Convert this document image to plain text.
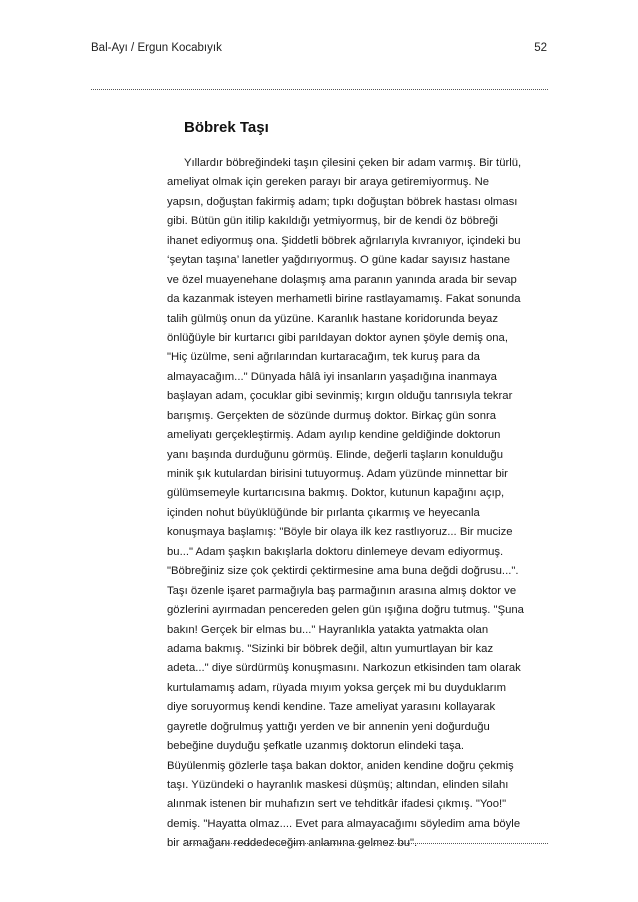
Bal-Ayı / Ergun Kocabıyık	52
Böbrek Taşı
Yıllardır böbreğindeki taşın çilesini çeken bir adam varmış. Bir türlü,
ameliyat olmak için gereken parayı bir araya getiremiyormuş. Ne
yapsın, doğuştan fakirmiş adam; tıpkı doğuştan böbrek hastası olması
gibi. Bütün gün itilip kakıldığı yetmiyormuş, bir de kendi öz böbreği
ihanet ediyormuş ona. Şiddetli böbrek ağrılarıyla kıvranıyor, içindeki bu
‘şeytan taşına’ lanetler yağdırıyormuş. O güne kadar sayısız hastane
ve özel muayenehane dolaşmış ama paranın yanında arada bir sevap
da kazanmak isteyen merhametli birine rastlayamamış. Fakat sonunda
talih gülmüş onun da yüzüne. Karanlık hastane koridorunda beyaz
önlüğüyle bir kurtarıcı gibi parıldayan doktor aynen şöyle demiş ona,
"Hiç üzülme, seni ağrılarından kurtaracağım, tek kuruş para da
almayacağım..." Dünyada hâlâ iyi insanların yaşadığına inanmaya
başlayan adam, çocuklar gibi sevinmiş; kırgın olduğu tanrısıyla tekrar
barışmış. Gerçekten de sözünde durmuş doktor. Birkaç gün sonra
ameliyatı gerçekleştirmiş. Adam ayılıp kendine geldiğinde doktorun
yanı başında durduğunu görmüş. Elinde, değerli taşların konulduğu
minik şık kutulardan birisini tutuyormuş. Adam yüzünde minnettar bir
gülümsemeyle kurtarıcısına bakmış. Doktor, kutunun kapağını açıp,
içinden nohut büyüklüğünde bir pırlanta çıkarmış ve heyecanla
konuşmaya başlamış: "Böyle bir olaya ilk kez rastlıyoruz... Bir mucize
bu..." Adam şaşkın bakışlarla doktoru dinlemeye devam ediyormuş.
"Böbreğiniz size çok çektirdi çektirmesine ama buna değdi doğrusu...".
Taşı özenle işaret parmağıyla baş parmağının arasına almış doktor ve
gözlerini ayırmadan pencereden gelen gün ışığına doğru tutmuş. "Şuna
bakın! Gerçek bir elmas bu..." Hayranlıkla yatakta yatmakta olan
adama bakmış. "Sizinki bir böbrek değil, altın yumurtlayan bir kaz
adeta..." diye sürdürmüş konuşmasını. Narkozun etkisinden tam olarak
kurtulamamış adam, rüyada mıyım yoksa gerçek mi bu duyduklarım
diye soruyormuş kendi kendine. Taze ameliyat yarasını kollayarak
gayretle doğrulmuş yattığı yerden ve bir annenin yeni doğurduğu
bebeğine duyduğu şefkatle uzanmış doktorun elindeki taşa.
Büyülenmiş gözlerle taşa bakan doktor, aniden kendine doğru çekmiş
taşı. Yüzündeki o hayranlık maskesi düşmüş; altından, elinden silahı
alınmak istenen bir muhafızın sert ve tehditkâr ifadesi çıkmış. "Yoo!"
demiş. "Hayatta olmaz.... Evet para almayacağımı söyledim ama böyle
bir armağanı reddedeceğim anlamına gelmez bu".
